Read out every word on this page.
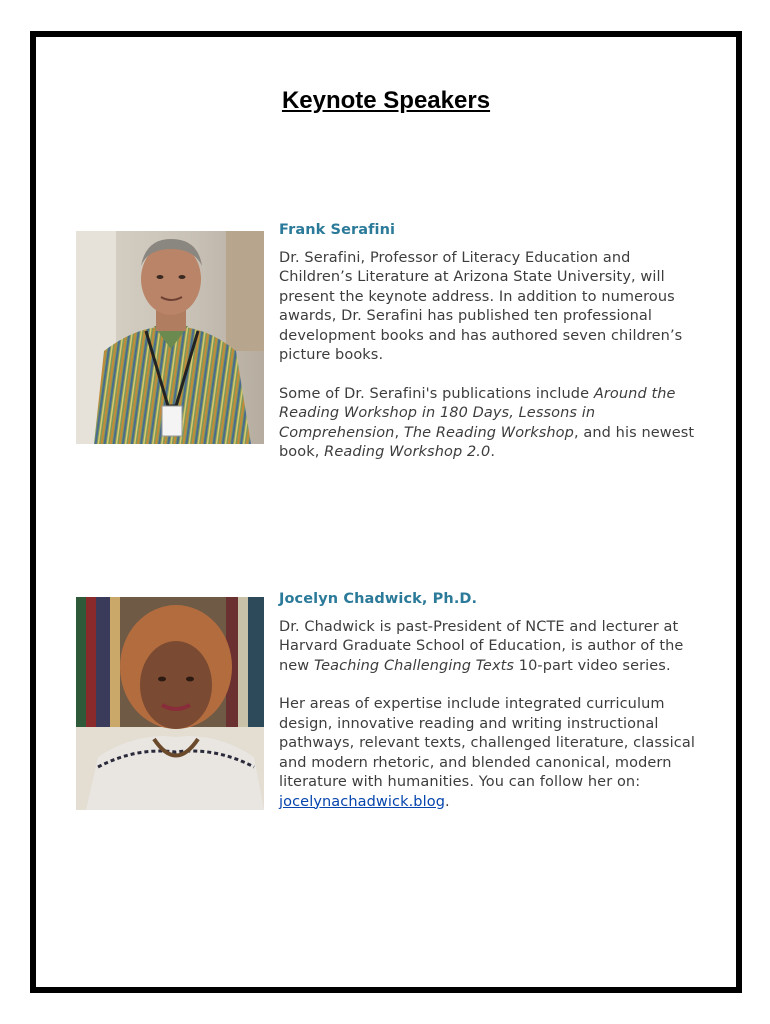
Keynote Speakers
Frank Serafini

Dr. Serafini, Professor of Literacy Education and Children’s Literature at Arizona State University, will present the keynote address. In addition to numerous awards, Dr. Serafini has published ten professional development books and has authored seven children’s picture books.

Some of Dr. Serafini's publications include Around the Reading Workshop in 180 Days, Lessons in Comprehension, The Reading Workshop, and his newest book, Reading Workshop 2.0.

Jocelyn Chadwick, Ph.D.

Dr. Chadwick is past-President of NCTE and lecturer at Harvard Graduate School of Education, is author of the new Teaching Challenging Texts 10-part video series.

Her areas of expertise include integrated curriculum design, innovative reading and writing instructional pathways, relevant texts, challenged literature, classical and modern rhetoric, and blended canonical, modern literature with humanities. You can follow her on: jocelynachadwick.blog.
